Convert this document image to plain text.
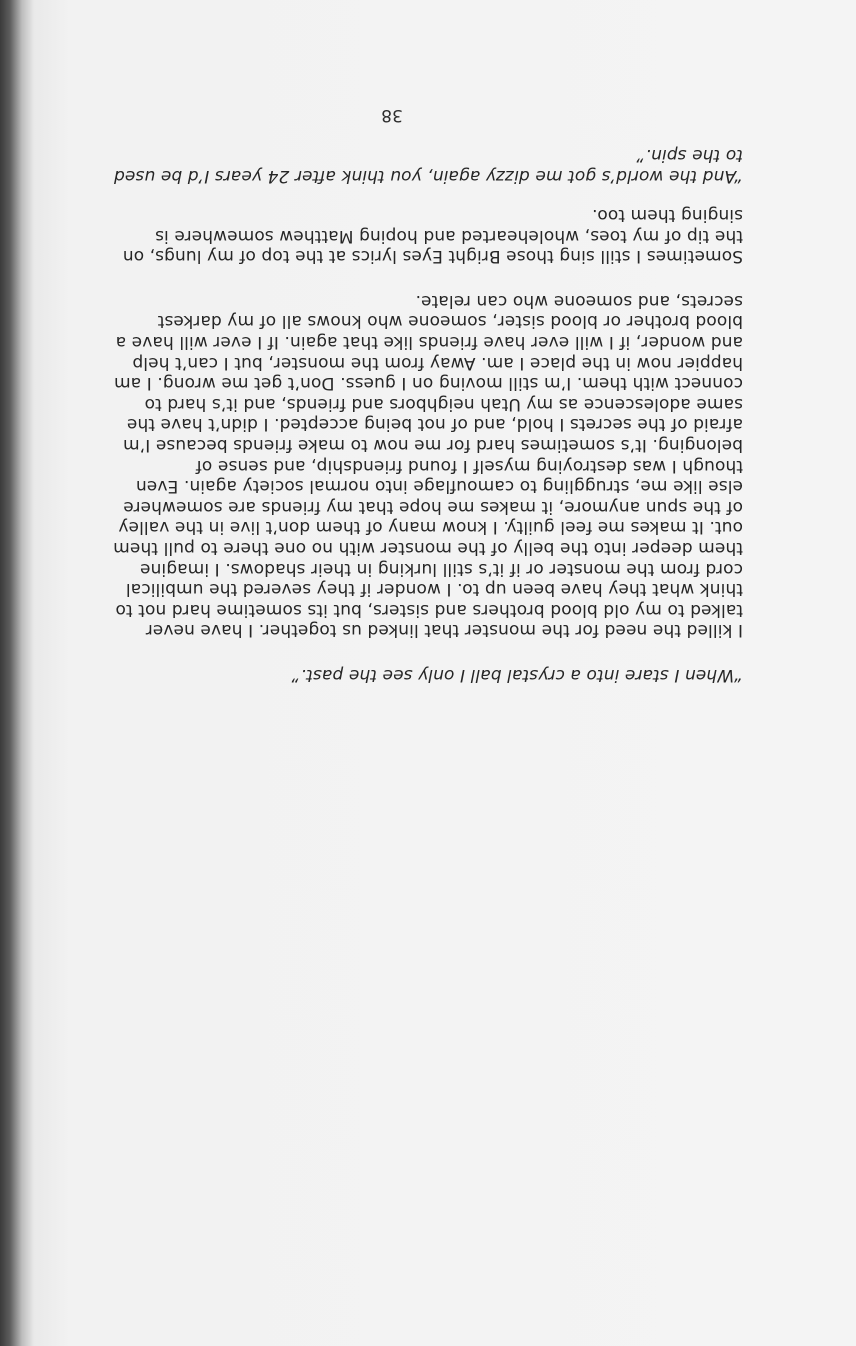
“When I stare into a crystal ball I only see the past.”

I killed the need for the monster that linked us together. I have never talked to my old blood brothers and sisters, but its sometime hard not to think what they have been up to. I wonder if they severed the umbilical cord from the monster or if it’s still lurking in their shadows. I imagine them deeper into the belly of the monster with no one there to pull them out. It makes me feel guilty. I know many of them don’t live in the valley of the spun anymore, it makes me hope that my friends are somewhere else like me, struggling to camouflage into normal society again. Even though I was destroying myself I found friendship, and sense of belonging. It’s sometimes hard for me now to make friends because I’m afraid of the secrets I hold, and of not being accepted. I didn’t have the same adolescence as my Utah neighbors and friends, and it’s hard to connect with them. I’m still moving on I guess. Don’t get me wrong. I am happier now in the place I am. Away from the monster, but I can’t help and wonder, if I will ever have friends like that again. If I ever will have a blood brother or blood sister, someone who knows all of my darkest secrets, and someone who can relate.

Sometimes I still sing those Bright Eyes lyrics at the top of my lungs, on the tip of my toes, wholehearted and hoping Matthew somewhere is singing them too.

“And the world’s got me dizzy again, you think after 24 years I’d be used to the spin.”

38
